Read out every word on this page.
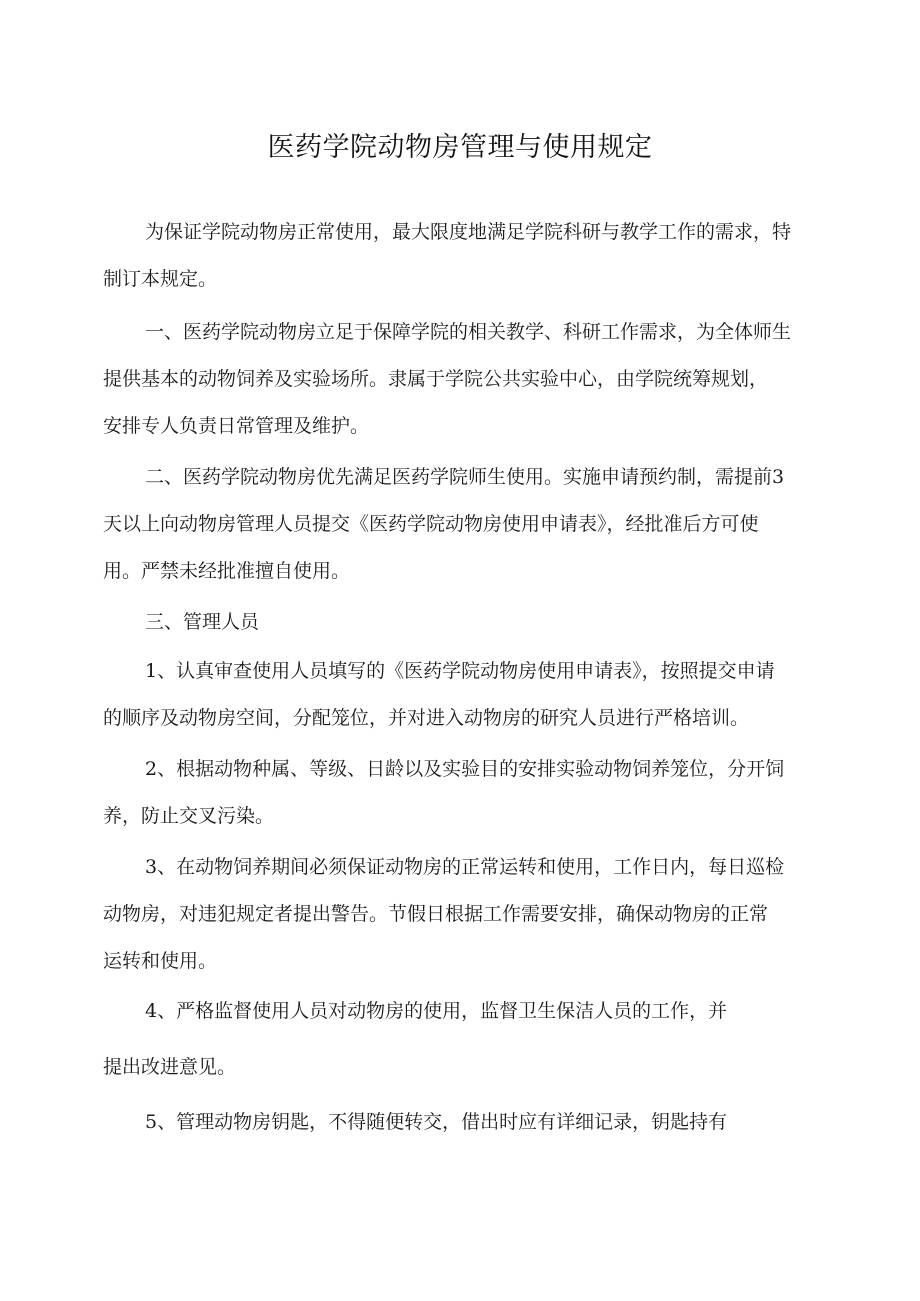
医药学院动物房管理与使用规定
为保证学院动物房正常使用，最大限度地满足学院科研与教学工作的需求，特
制订本规定。
一、医药学院动物房立足于保障学院的相关教学、科研工作需求，为全体师生
提供基本的动物饲养及实验场所。隶属于学院公共实验中心，由学院统筹规划，
安排专人负责日常管理及维护。
二、医药学院动物房优先满足医药学院师生使用。实施申请预约制，需提前3
天以上向动物房管理人员提交《医药学院动物房使用申请表》，经批准后方可使
用。严禁未经批准擅自使用。
三、管理人员
1、认真审查使用人员填写的《医药学院动物房使用申请表》，按照提交申请
的顺序及动物房空间，分配笼位，并对进入动物房的研究人员进行严格培训。
2、根据动物种属、等级、日龄以及实验目的安排实验动物饲养笼位，分开饲
养，防止交叉污染。
3、在动物饲养期间必须保证动物房的正常运转和使用，工作日内，每日巡检
动物房，对违犯规定者提出警告。节假日根据工作需要安排，确保动物房的正常
运转和使用。
4、严格监督使用人员对动物房的使用，监督卫生保洁人员的工作，并
提出改进意见。
5、管理动物房钥匙，不得随便转交，借出时应有详细记录，钥匙持有
